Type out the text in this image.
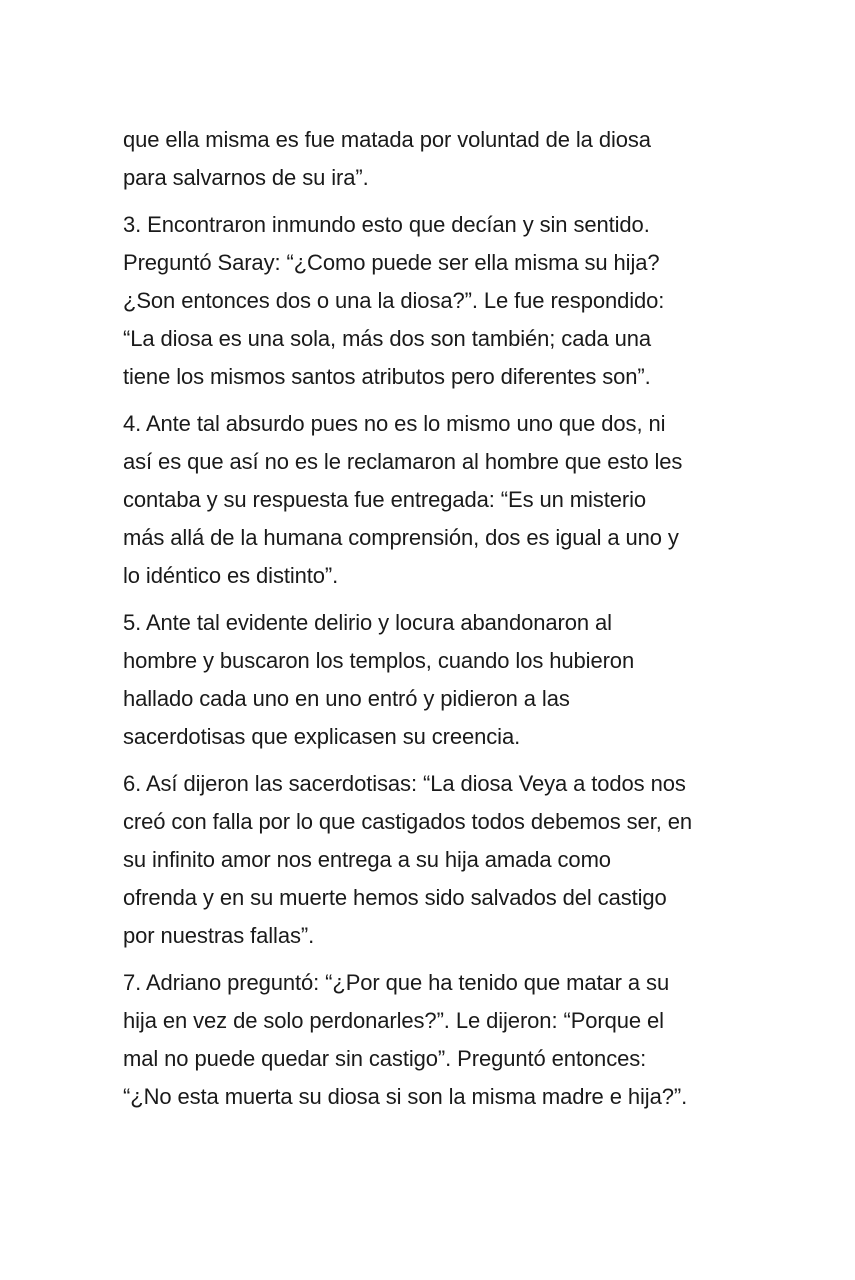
que ella misma es fue matada por voluntad de la diosa
para salvarnos de su ira”.
3. Encontraron inmundo esto que decían y sin sentido.
Preguntó Saray: “¿Como puede ser ella misma su hija?
¿Son entonces dos o una la diosa?”. Le fue respondido:
“La diosa es una sola, más dos son también; cada una
tiene los mismos santos atributos pero diferentes son”.
4. Ante tal absurdo pues no es lo mismo uno que dos, ni
así es que así no es le reclamaron al hombre que esto les
contaba y su respuesta fue entregada: “Es un misterio
más allá de la humana comprensión, dos es igual a uno y
lo idéntico es distinto”.
5. Ante tal evidente delirio y locura abandonaron al
hombre y buscaron los templos, cuando los hubieron
hallado cada uno en uno entró y pidieron a las
sacerdotisas que explicasen su creencia.
6. Así dijeron las sacerdotisas: “La diosa Veya a todos nos
creó con falla por lo que castigados todos debemos ser, en
su infinito amor nos entrega a su hija amada como
ofrenda y en su muerte hemos sido salvados del castigo
por nuestras fallas”.
7. Adriano preguntó: “¿Por que ha tenido que matar a su
hija en vez de solo perdonarles?”. Le dijeron: “Porque el
mal no puede quedar sin castigo”. Preguntó entonces:
“¿No esta muerta su diosa si son la misma madre e hija?”.
